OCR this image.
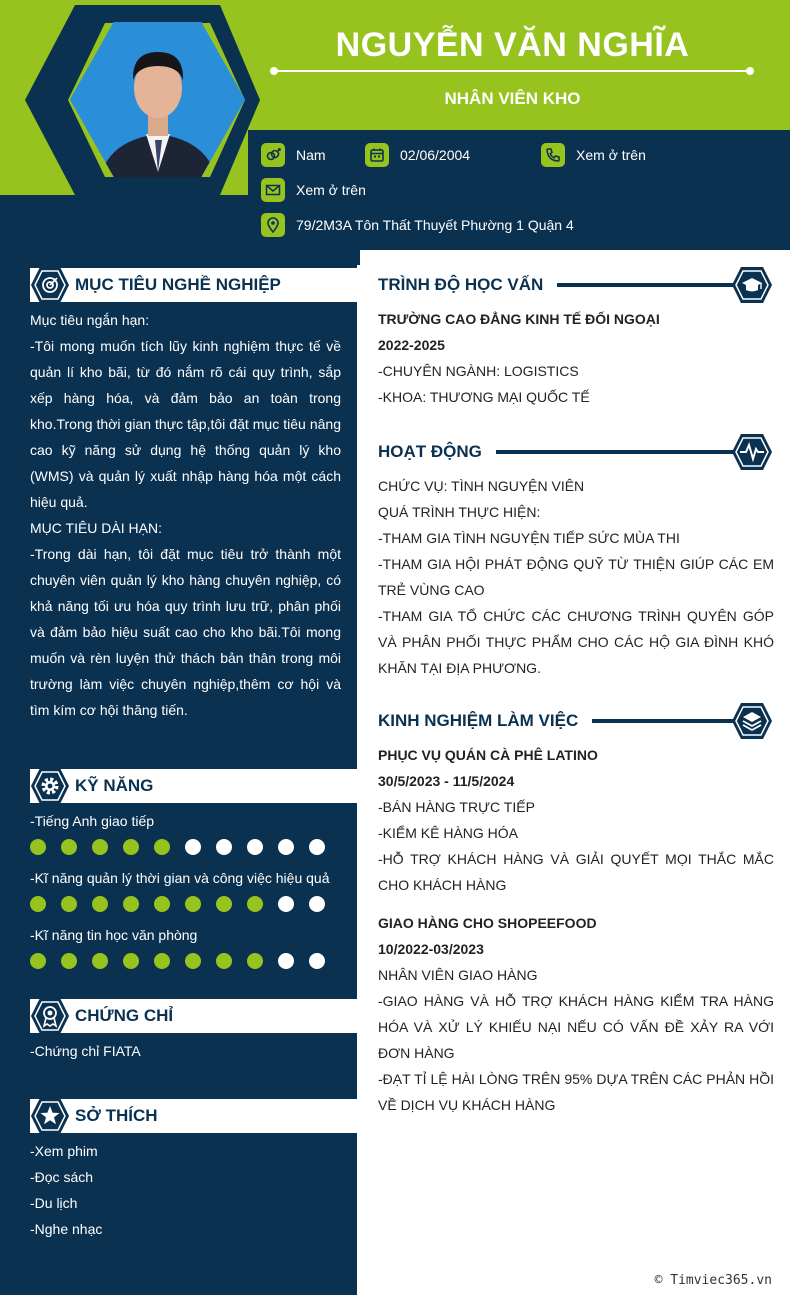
NGUYỄN VĂN NGHĨA
NHÂN VIÊN KHO
Nam	02/06/2004	Xem ở trên
Xem ở trên
79/2M3A Tôn Thất Thuyết Phường 1 Quận 4
MỤC TIÊU NGHỀ NGHIỆP
Mục tiêu ngắn hạn:
-Tôi mong muốn tích lũy kinh nghiệm thực tế về quản lí kho bãi, từ đó nắm rõ cái quy trình, sắp xếp hàng hóa, và đảm bảo an toàn trong kho.Trong thời gian thực tập,tôi đặt mục tiêu nâng cao kỹ năng sử dụng hệ thống quản lý kho (WMS) và quản lý xuất nhập hàng hóa một cách hiệu quả.
MỤC TIÊU DÀI HẠN:
-Trong dài hạn, tôi đặt mục tiêu trở thành một chuyên viên quản lý kho hàng chuyên nghiệp, có khả năng tối ưu hóa quy trình lưu trữ, phân phối và đảm bảo hiệu suất cao cho kho bãi.Tôi mong muốn và rèn luyện thử thách bản thân trong môi trường làm việc chuyên nghiệp,thêm cơ hội và tìm kím cơ hội thăng tiến.
KỸ NĂNG
-Tiếng Anh giao tiếp
-Kĩ năng quản lý thời gian và công việc hiệu quả
-Kĩ năng tin học văn phòng
CHỨNG CHỈ
-Chứng chỉ FIATA
SỞ THÍCH
-Xem phim
-Đọc sách
-Du lịch
-Nghe nhạc
TRÌNH ĐỘ HỌC VẤN
TRƯỜNG CAO ĐẲNG KINH TẾ ĐỐI NGOẠI
2022-2025
-CHUYÊN NGÀNH: LOGISTICS
-KHOA: THƯƠNG MẠI QUỐC TẾ
HOẠT ĐỘNG
CHỨC VỤ: TÌNH NGUYỆN VIÊN
QUÁ TRÌNH THỰC HIỆN:
-THAM GIA TÌNH NGUYỆN TIẾP SỨC MÙA THI
-THAM GIA HỘI PHÁT ĐỘNG QUỸ TỪ THIỆN GIÚP CÁC EM TRẺ VÙNG CAO
-THAM GIA TỔ CHỨC CÁC CHƯƠNG TRÌNH QUYÊN GÓP VÀ PHÂN PHỐI THỰC PHẨM CHO CÁC HỘ GIA ĐÌNH KHÓ KHĂN TẠI ĐỊA PHƯƠNG.
KINH NGHIỆM LÀM VIỆC
PHỤC VỤ QUÁN CÀ PHÊ LATINO
30/5/2023 - 11/5/2024
-BÁN HÀNG TRỰC TIẾP
-KIỂM KÊ HÀNG HÓA
-HỖ TRỢ KHÁCH HÀNG VÀ GIẢI QUYẾT MỌI THẮC MẮC CHO KHÁCH HÀNG
GIAO HÀNG CHO SHOPEEFOOD
10/2022-03/2023
NHÂN VIÊN GIAO HÀNG
-GIAO HÀNG VÀ HỖ TRỢ KHÁCH HÀNG KIỂM TRA HÀNG HÓA VÀ XỬ LÝ KHIẾU NẠI NẾU CÓ VẤN ĐỀ XẢY RA VỚI ĐƠN HÀNG
-ĐẠT TỈ LỆ HÀI LÒNG TRÊN 95% DỰA TRÊN CÁC PHẢN HỒI VỀ DỊCH VỤ KHÁCH HÀNG
© Timviec365.vn
